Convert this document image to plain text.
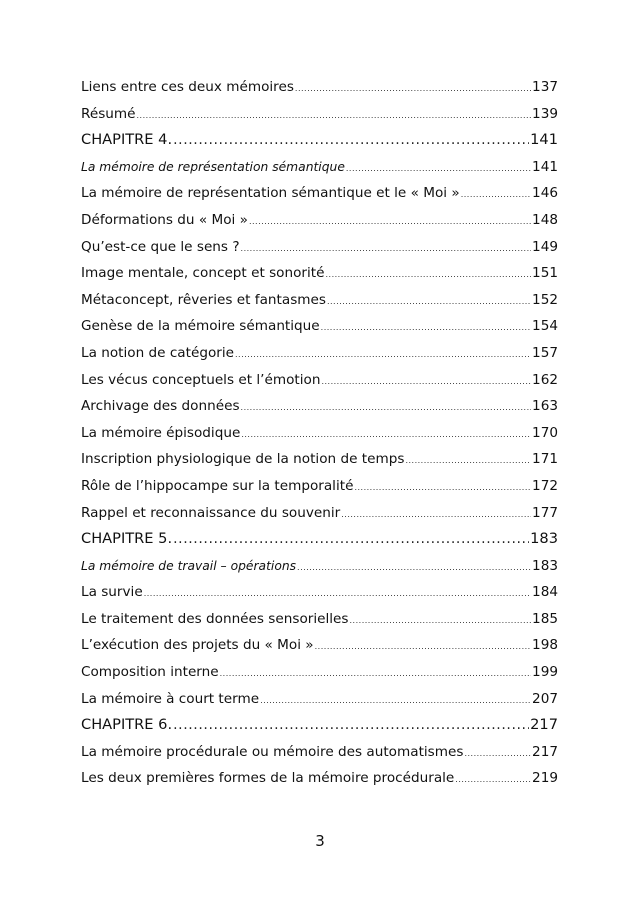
Liens entre ces deux mémoires .....	137
Résumé .....	139
CHAPITRE 4. .....	141
La mémoire de représentation sémantique .....	141
La mémoire de représentation sémantique et le « Moi » .....	146
Déformations du « Moi » .....	148
Qu’est-ce que le sens ? .....	149
Image mentale, concept et sonorité .....	151
Métaconcept, rêveries et fantasmes .....	152
Genèse de la mémoire sémantique .....	154
La notion de catégorie .....	157
Les vécus conceptuels et l’émotion .....	162
Archivage des données .....	163
La mémoire épisodique .....	170
Inscription physiologique de la notion de temps .....	171
Rôle de l’hippocampe sur la temporalité .....	172
Rappel et reconnaissance du souvenir .....	177
CHAPITRE 5. .....	183
La mémoire de travail – opérations .....	183
La survie .....	184
Le traitement des données sensorielles .....	185
L’exécution des projets du « Moi » .....	198
Composition interne .....	199
La mémoire à court terme .....	207
CHAPITRE 6. .....	217
La mémoire procédurale ou mémoire des automatismes .....	217
Les deux premières formes de la mémoire procédurale .....	219
3
